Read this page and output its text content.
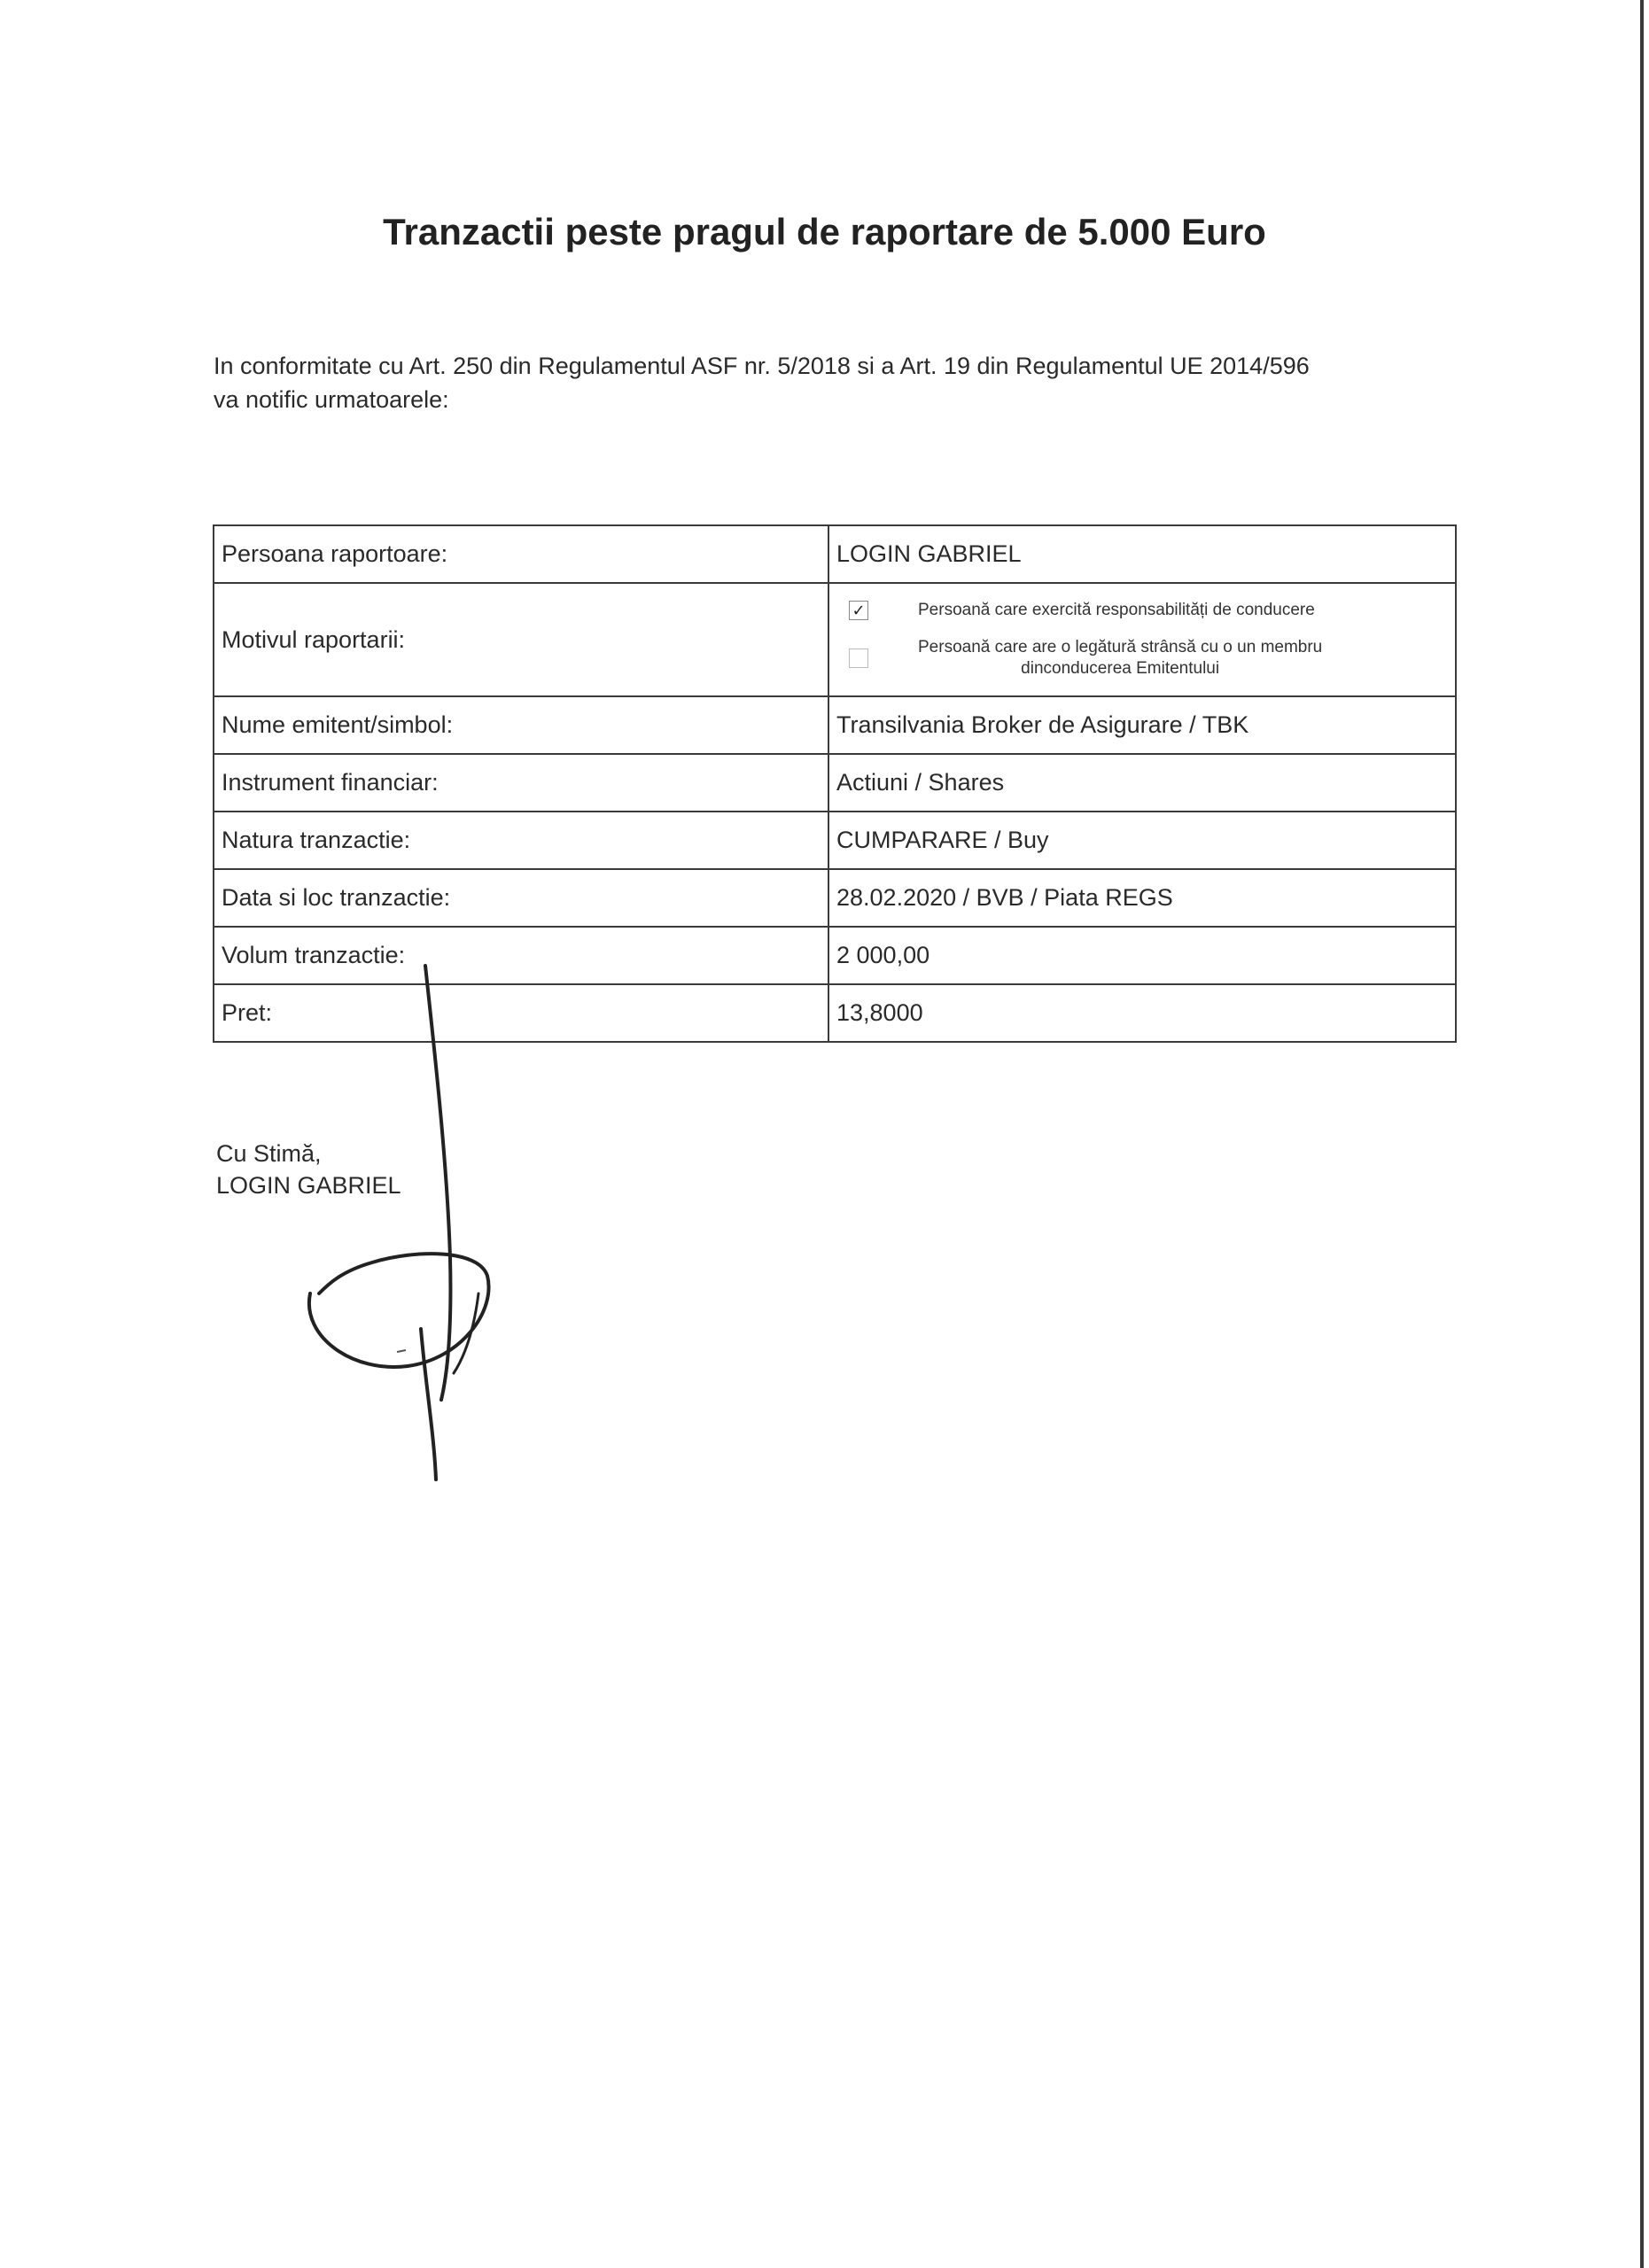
Tranzactii peste pragul de raportare de 5.000 Euro
In conformitate cu Art. 250 din Regulamentul ASF nr. 5/2018 si a Art. 19 din Regulamentul UE 2014/596
va notific urmatoarele:
Persoana raportoare:	LOGIN GABRIEL
Motivul raportarii:	✓ Persoană care exercită responsabilități de conducere
Persoană care are o legătură strânsă cu o un membru
dinconducerea Emitentului

Nume emitent/simbol:	Transilvania Broker de Asigurare / TBK
Instrument financiar:	Actiuni / Shares
Natura tranzactie:	CUMPARARE / Buy
Data si loc tranzactie:	28.02.2020 / BVB / Piata REGS
Volum tranzactie:	2 000,00
Pret:	13,8000
Cu Stimă,
LOGIN GABRIEL
